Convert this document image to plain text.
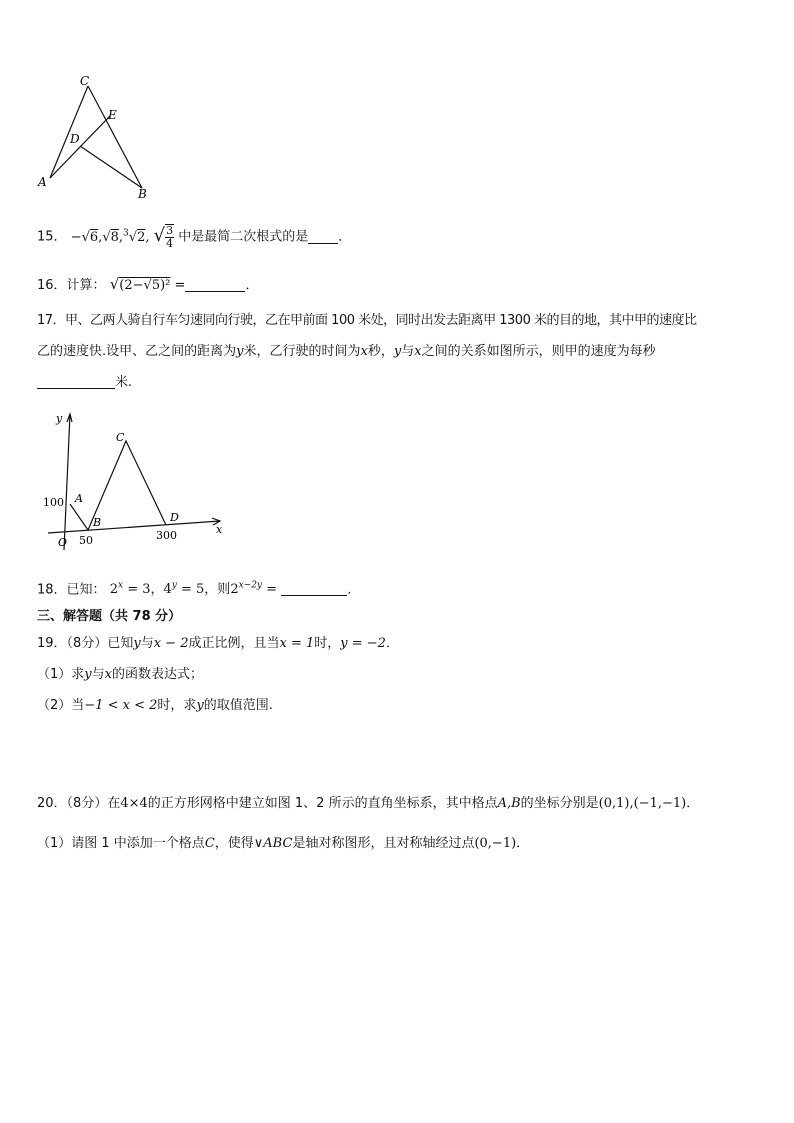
C
E
D
A
B
15． −√6,√8,$^3$√2, √ $\frac{3}{4}$ 中是最简二次根式的是 ．
16．计算： √(2−√5)² =	．
17．甲、乙两人骑自行车匀速同向行驶，乙在甲前面 100 米处，同时出发去距离甲 1300 米的目的地，其中甲的速度比
乙的速度快.设甲、乙之间的距离为y米，乙行驶的时间为x秒，y与x之间的关系如图所示，则甲的速度为每秒
米.
y
x
O
A
B
C
D
100
50	300
18．已知： $2^x = 3$，$4^y = 5$，则$2^{x-2y}$ =	.
三、解答题（共 78 分）
19．（8分）已知y与x − 2成正比例，且当x = 1时，y = −2．
（1）求y与x的函数表达式；
（2）当−1 < x < 2时，求y的取值范围.
20．（8分）在4×4的正方形网格中建立如图 1、2 所示的直角坐标系，其中格点A,B的坐标分别是(0,1),(−1,−1)．
（1）请图 1 中添加一个格点C，使得∨ABC是轴对称图形，且对称轴经过点(0,−1)．
